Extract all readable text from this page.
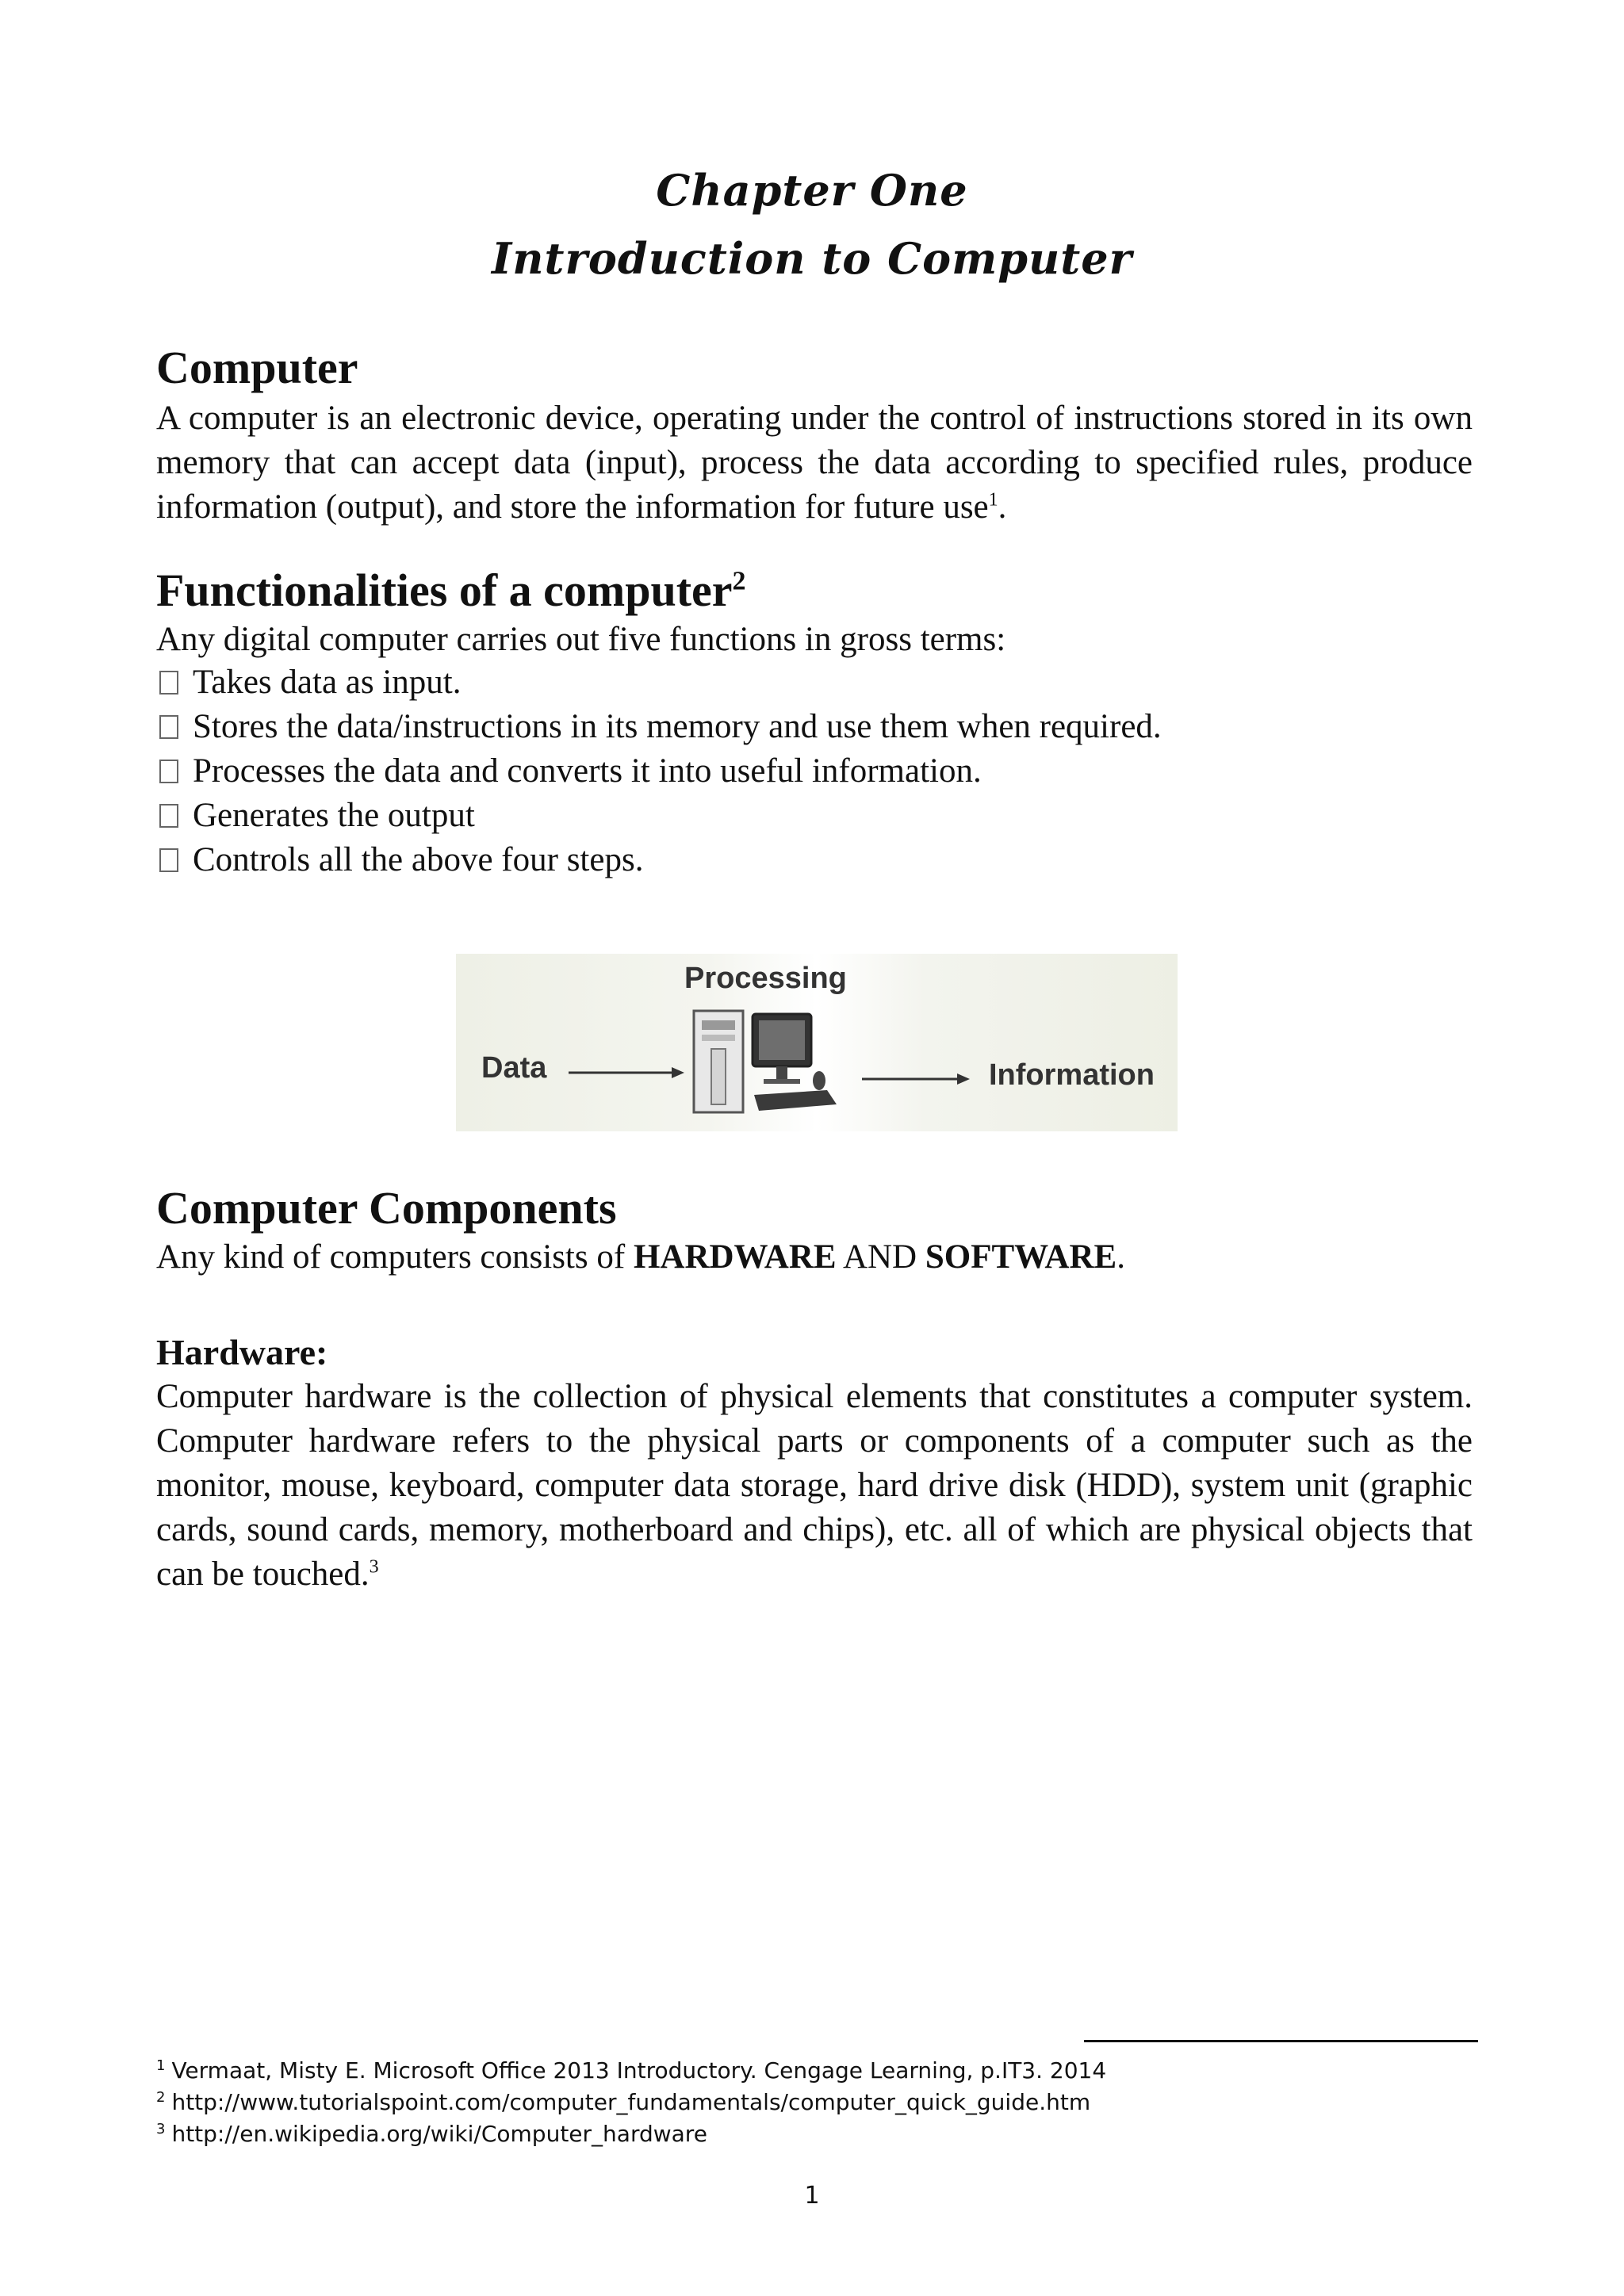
Chapter One
Introduction to Computer
Computer

A computer is an electronic device, operating under the control of instructions stored in its own memory that can accept data (input), process the data according to specified rules, produce information (output), and store the information for future use$^1$.

Functionalities of a computer$^2$

Any digital computer carries out five functions in gross terms:

Takes data as input.
Stores the data/instructions in its memory and use them when required.
Processes the data and converts it into useful information.
Generates the output
Controls all the above four steps.
Processing
Data	Information
Computer Components

Any kind of computers consists of HARDWARE AND SOFTWARE.

Hardware:

Computer hardware is the collection of physical elements that constitutes a computer system. Computer hardware refers to the physical parts or components of a computer such as the monitor, mouse, keyboard, computer data storage, hard drive disk (HDD), system unit (graphic cards, sound cards, memory, motherboard and chips), etc. all of which are physical objects that can be touched.$^3$

$^1$ Vermaat, Misty E. Microsoft Office 2013 Introductory. Cengage Learning, p.IT3. 2014
$^2$ http://www.tutorialspoint.com/computer_fundamentals/computer_quick_guide.htm
$^3$ http://en.wikipedia.org/wiki/Computer_hardware
1
